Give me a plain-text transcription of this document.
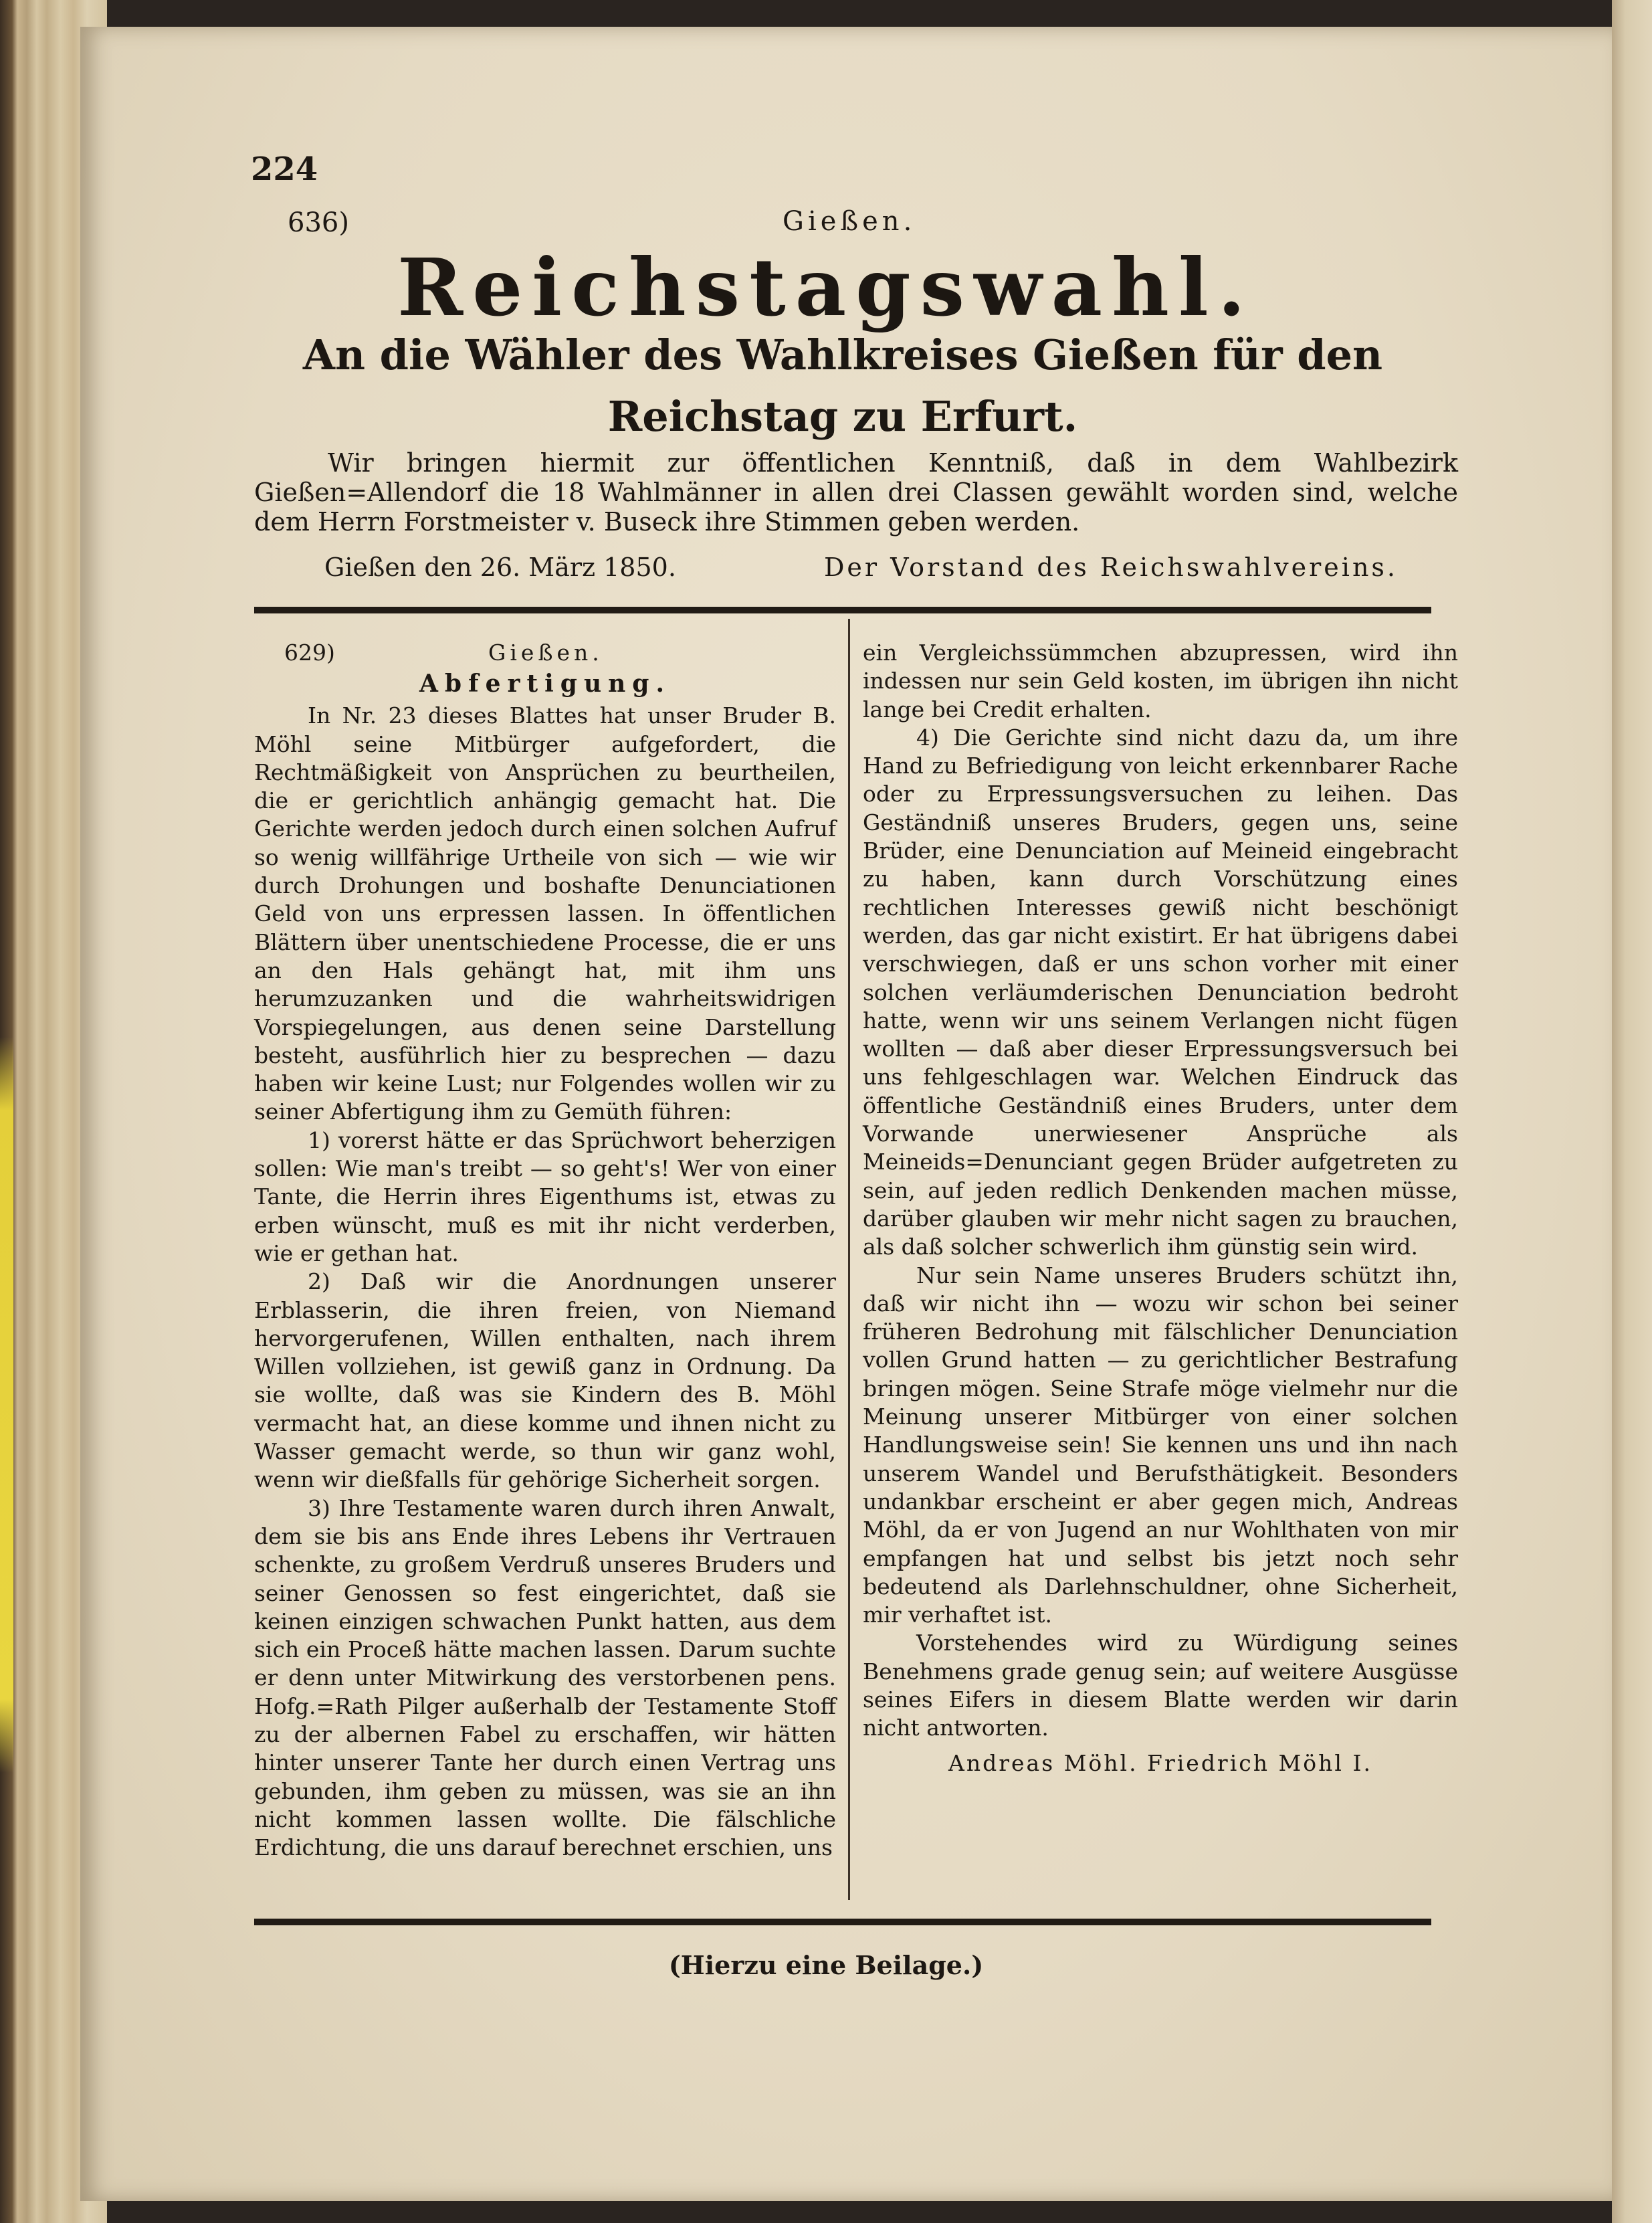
224
636)	Gießen.
Reichstagswahl.
An die Wähler des Wahlkreises Gießen für den Reichstag zu Erfurt.
Wir bringen hiermit zur öffentlichen Kenntniß, daß in dem Wahlbezirk Gießen=Allendorf die 18 Wahlmänner in allen drei Classen gewählt worden sind, welche dem Herrn Forstmeister v. Buseck ihre Stimmen geben werden.
Gießen den 26. März 1850.	Der Vorstand des Reichswahlvereins.
629)	Gießen.
Abfertigung.

In Nr. 23 dieses Blattes hat unser Bruder B. Möhl seine Mitbürger aufgefordert, die Rechtmäßigkeit von Ansprüchen zu beurtheilen, die er gerichtlich anhängig gemacht hat. Die Gerichte werden jedoch durch einen solchen Aufruf so wenig willfährige Urtheile von sich — wie wir durch Drohungen und boshafte Denunciationen Geld von uns erpressen lassen. In öffentlichen Blättern über unentschiedene Processe, die er uns an den Hals gehängt hat, mit ihm uns herumzuzanken und die wahrheitswidrigen Vorspiegelungen, aus denen seine Darstellung besteht, ausführlich hier zu besprechen — dazu haben wir keine Lust; nur Folgendes wollen wir zu seiner Abfertigung ihm zu Gemüth führen:

1) vorerst hätte er das Sprüchwort beherzigen sollen: Wie man's treibt — so geht's! Wer von einer Tante, die Herrin ihres Eigenthums ist, etwas zu erben wünscht, muß es mit ihr nicht verderben, wie er gethan hat.

2) Daß wir die Anordnungen unserer Erblasserin, die ihren freien, von Niemand hervorgerufenen, Willen enthalten, nach ihrem Willen vollziehen, ist gewiß ganz in Ordnung. Da sie wollte, daß was sie Kindern des B. Möhl vermacht hat, an diese komme und ihnen nicht zu Wasser gemacht werde, so thun wir ganz wohl, wenn wir dießfalls für gehörige Sicherheit sorgen.

3) Ihre Testamente waren durch ihren Anwalt, dem sie bis ans Ende ihres Lebens ihr Vertrauen schenkte, zu großem Verdruß unseres Bruders und seiner Genossen so fest eingerichtet, daß sie keinen einzigen schwachen Punkt hatten, aus dem sich ein Proceß hätte machen lassen. Darum suchte er denn unter Mitwirkung des verstorbenen pens. Hofg.=Rath Pilger außerhalb der Testamente Stoff zu der albernen Fabel zu erschaffen, wir hätten hinter unserer Tante her durch einen Vertrag uns gebunden, ihm geben zu müssen, was sie an ihn nicht kommen lassen wollte. Die fälschliche Erdichtung, die uns darauf berechnet erschien, uns

ein Vergleichssümmchen abzupressen, wird ihn indessen nur sein Geld kosten, im übrigen ihn nicht lange bei Credit erhalten.

4) Die Gerichte sind nicht dazu da, um ihre Hand zu Befriedigung von leicht erkennbarer Rache oder zu Erpressungsversuchen zu leihen. Das Geständniß unseres Bruders, gegen uns, seine Brüder, eine Denunciation auf Meineid eingebracht zu haben, kann durch Vorschützung eines rechtlichen Interesses gewiß nicht beschönigt werden, das gar nicht existirt. Er hat übrigens dabei verschwiegen, daß er uns schon vorher mit einer solchen verläumderischen Denunciation bedroht hatte, wenn wir uns seinem Verlangen nicht fügen wollten — daß aber dieser Erpressungsversuch bei uns fehlgeschlagen war. Welchen Eindruck das öffentliche Geständniß eines Bruders, unter dem Vorwande unerwiesener Ansprüche als Meineids=Denunciant gegen Brüder aufgetreten zu sein, auf jeden redlich Denkenden machen müsse, darüber glauben wir mehr nicht sagen zu brauchen, als daß solcher schwerlich ihm günstig sein wird.

Nur sein Name unseres Bruders schützt ihn, daß wir nicht ihn — wozu wir schon bei seiner früheren Bedrohung mit fälschlicher Denunciation vollen Grund hatten — zu gerichtlicher Bestrafung bringen mögen. Seine Strafe möge vielmehr nur die Meinung unserer Mitbürger von einer solchen Handlungsweise sein! Sie kennen uns und ihn nach unserem Wandel und Berufsthätigkeit. Besonders undankbar erscheint er aber gegen mich, Andreas Möhl, da er von Jugend an nur Wohlthaten von mir empfangen hat und selbst bis jetzt noch sehr bedeutend als Darlehnschuldner, ohne Sicherheit, mir verhaftet ist.

Vorstehendes wird zu Würdigung seines Benehmens grade genug sein; auf weitere Ausgüsse seines Eifers in diesem Blatte werden wir darin nicht antworten.

Andreas Möhl. Friedrich Möhl I.
(Hierzu eine Beilage.)
